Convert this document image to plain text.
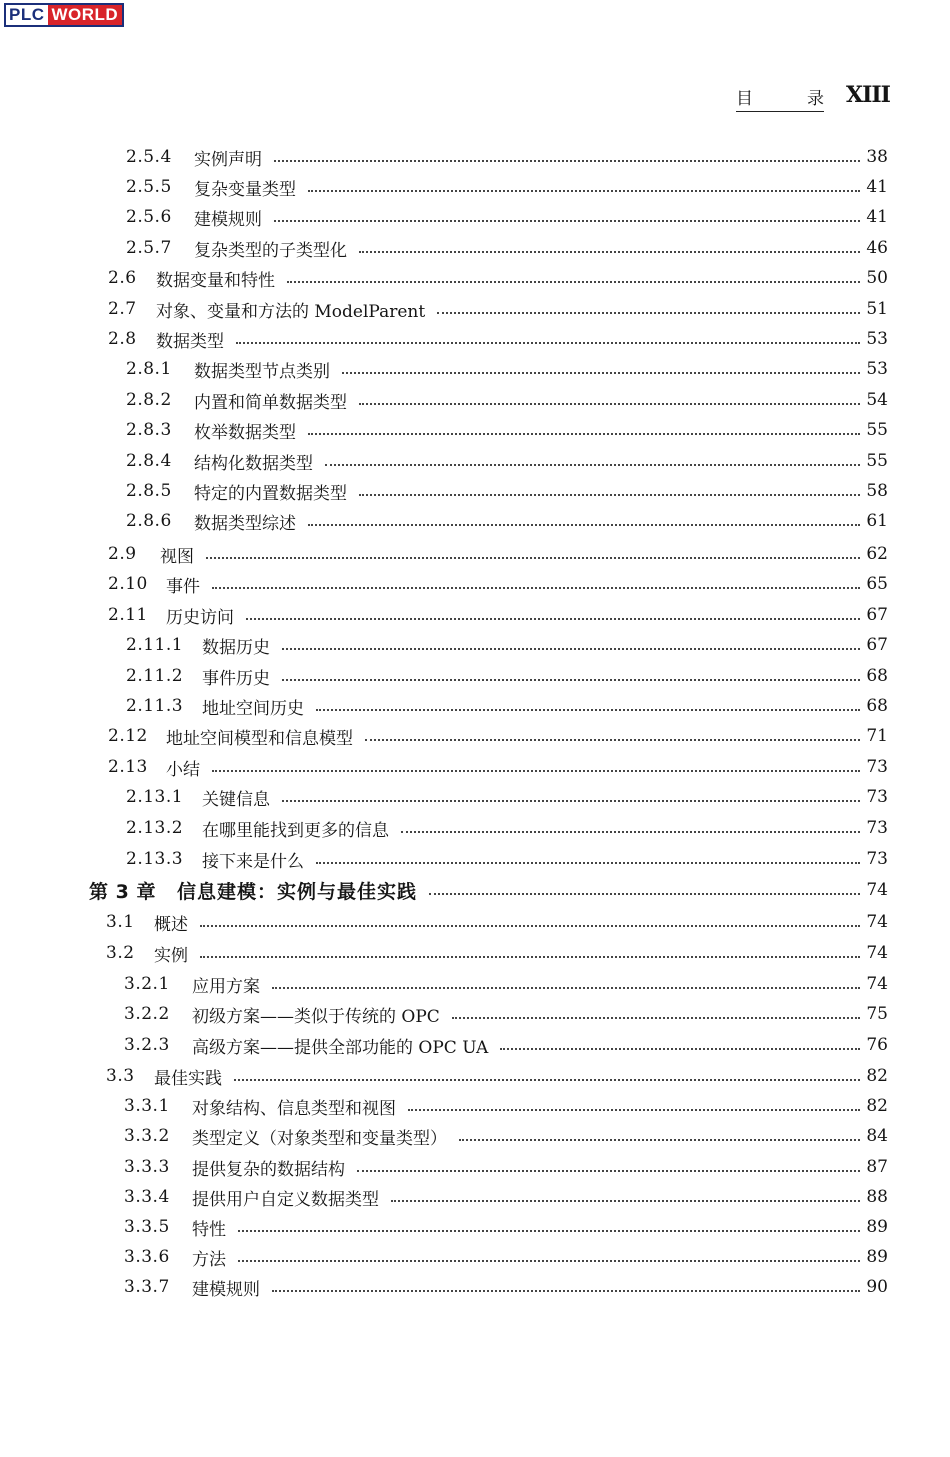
PLC WORLD
目	录 XIII
2.5.4	实例声明	38
2.5.5	复杂变量类型	41
2.5.6	建模规则	41
2.5.7	复杂类型的子类型化	46
2.6	数据变量和特性	50
2.7	对象、变量和方法的 ModelParent	51
2.8	数据类型	53
2.8.1	数据类型节点类别	53
2.8.2	内置和简单数据类型	54
2.8.3	枚举数据类型	55
2.8.4	结构化数据类型	55
2.8.5	特定的内置数据类型	58
2.8.6	数据类型综述	61
2.9	视图	62
2.10	事件	65
2.11	历史访问	67
2.11.1	数据历史	67
2.11.2	事件历史	68
2.11.3	地址空间历史	68
2.12	地址空间模型和信息模型	71
2.13	小结	73
2.13.1	关键信息	73
2.13.2	在哪里能找到更多的信息	73
2.13.3	接下来是什么	73
第 3 章	信息建模：实例与最佳实践	74
3.1	概述	74
3.2	实例	74
3.2.1	应用方案	74
3.2.2	初级方案——类似于传统的 OPC	75
3.2.3	高级方案——提供全部功能的 OPC UA	76
3.3	最佳实践	82
3.3.1	对象结构、信息类型和视图	82
3.3.2	类型定义（对象类型和变量类型）	84
3.3.3	提供复杂的数据结构	87
3.3.4	提供用户自定义数据类型	88
3.3.5	特性	89
3.3.6	方法	89
3.3.7	建模规则	90
